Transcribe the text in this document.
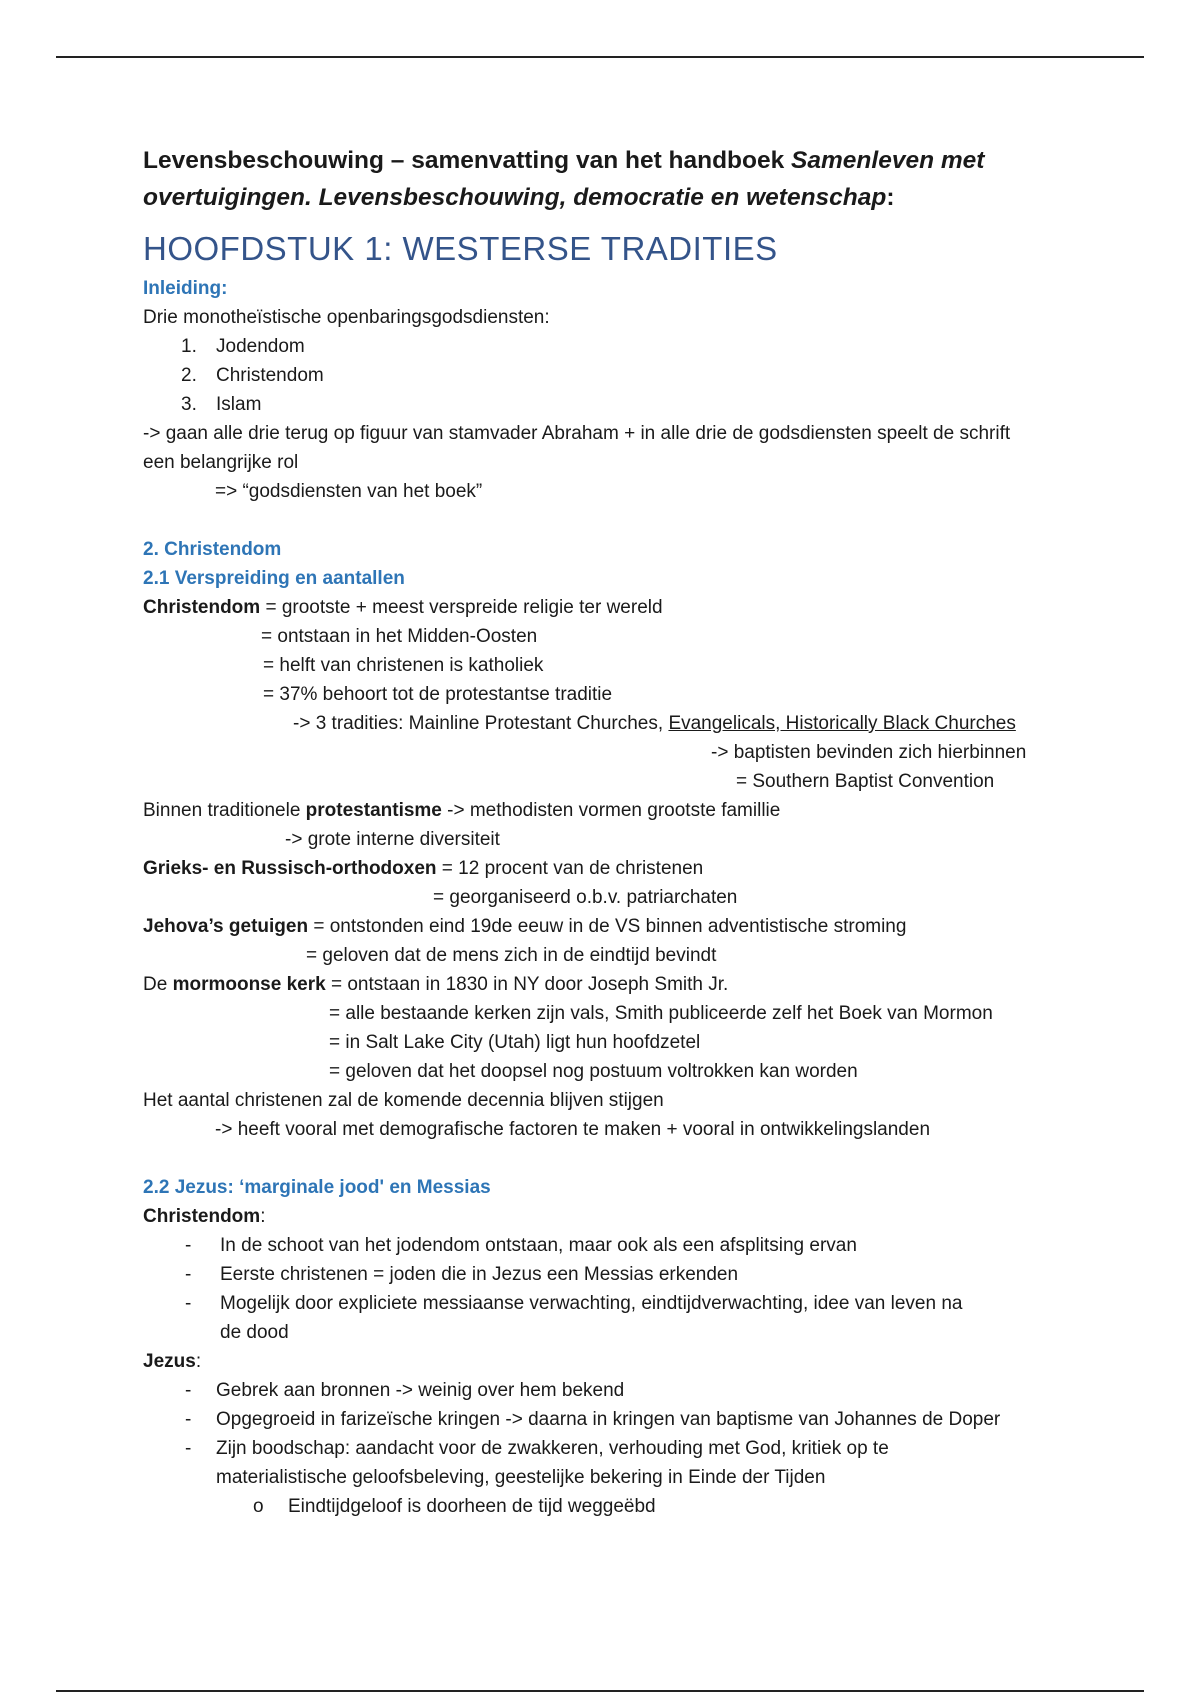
Levensbeschouwing – samenvatting van het handboek Samenleven met overtuigingen. Levensbeschouwing, democratie en wetenschap:

HOOFDSTUK 1: WESTERSE TRADITIES
Inleiding:
Drie monotheïstische openbaringsgodsdiensten:
1. Jodendom
2. Christendom
3. Islam
-> gaan alle drie terug op figuur van stamvader Abraham + in alle drie de godsdiensten speelt de schrift een belangrijke rol
=> “godsdiensten van het boek”
2. Christendom
2.1 Verspreiding en aantallen
Christendom = grootste + meest verspreide religie ter wereld
= ontstaan in het Midden-Oosten
= helft van christenen is katholiek
= 37% behoort tot de protestantse traditie
-> 3 tradities: Mainline Protestant Churches, Evangelicals, Historically Black Churches
-> baptisten bevinden zich hierbinnen
= Southern Baptist Convention
Binnen traditionele protestantisme -> methodisten vormen grootste famillie
-> grote interne diversiteit
Grieks- en Russisch-orthodoxen = 12 procent van de christenen
= georganiseerd o.b.v. patriarchaten
Jehova’s getuigen = ontstonden eind 19de eeuw in de VS binnen adventistische stroming
= geloven dat de mens zich in de eindtijd bevindt
De mormoonse kerk = ontstaan in 1830 in NY door Joseph Smith Jr.
= alle bestaande kerken zijn vals, Smith publiceerde zelf het Boek van Mormon
= in Salt Lake City (Utah) ligt hun hoofdzetel
= geloven dat het doopsel nog postuum voltrokken kan worden
Het aantal christenen zal de komende decennia blijven stijgen
-> heeft vooral met demografische factoren te maken + vooral in ontwikkelingslanden
2.2 Jezus: ‘marginale jood' en Messias
Christendom:
- In de schoot van het jodendom ontstaan, maar ook als een afsplitsing ervan
- Eerste christenen = joden die in Jezus een Messias erkenden
- Mogelijk door expliciete messiaanse verwachting, eindtijdverwachting, idee van leven na de dood
Jezus:
- Gebrek aan bronnen -> weinig over hem bekend
- Opgegroeid in farizeïsche kringen -> daarna in kringen van baptisme van Johannes de Doper
- Zijn boodschap: aandacht voor de zwakkeren, verhouding met God, kritiek op te materialistische geloofsbeleving, geestelijke bekering in Einde der Tijden
o Eindtijdgeloof is doorheen de tijd weggeëbd
